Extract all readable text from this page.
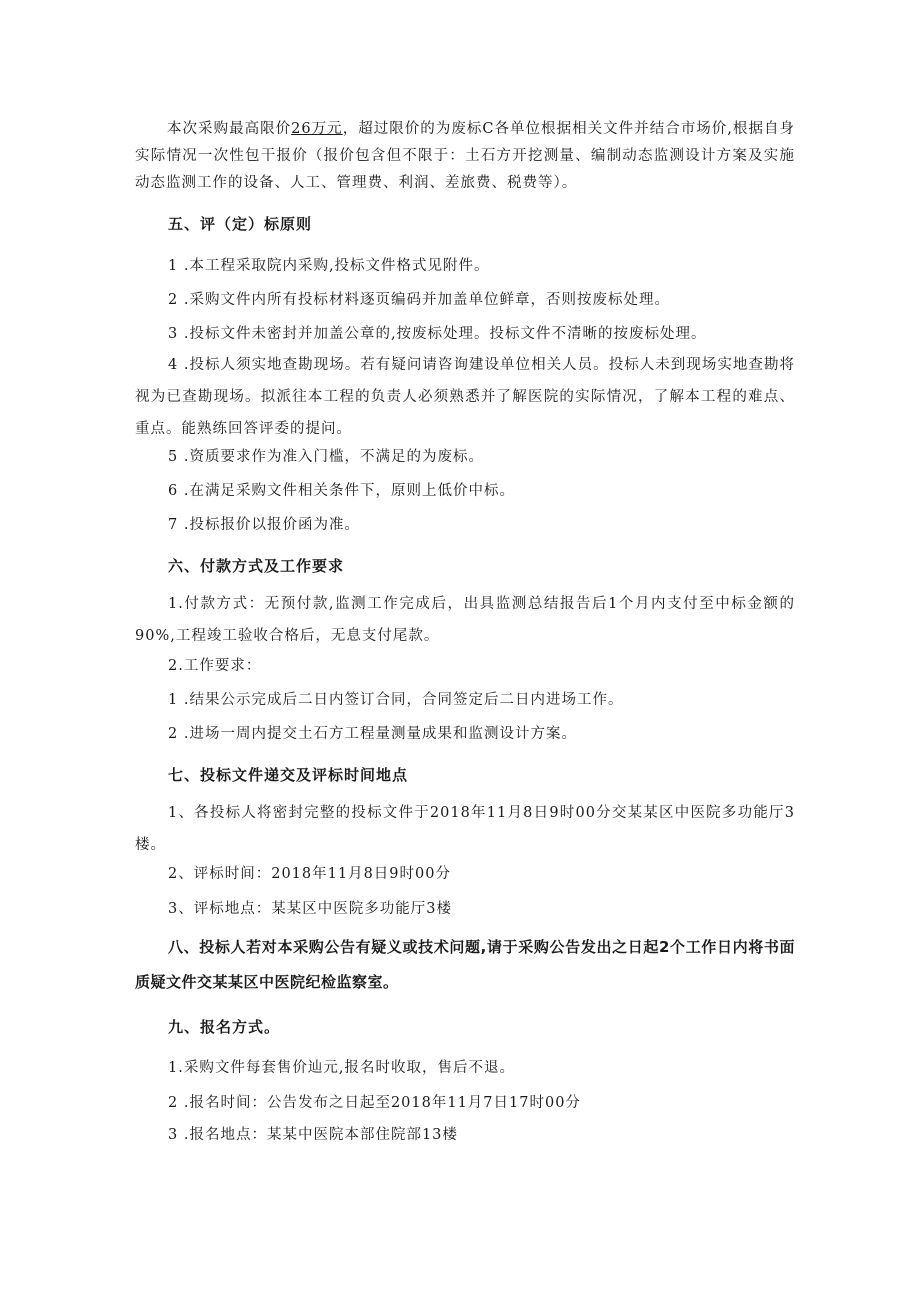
本次采购最高限价26万元，超过限价的为废标C各单位根据相关文件并结合市场价,根据自身实际情况一次性包干报价（报价包含但不限于：土石方开挖测量、编制动态监测设计方案及实施动态监测工作的设备、人工、管理费、利润、差旅费、税费等）。
五、评（定）标原则
1 .本工程采取院内采购,投标文件格式见附件。
2 .采购文件内所有投标材料逐页编码并加盖单位鲜章，否则按废标处理。
3 .投标文件未密封并加盖公章的,按废标处理。投标文件不清晰的按废标处理。
4 .投标人须实地查勘现场。若有疑问请咨询建设单位相关人员。投标人未到现场实地查勘将视为已查勘现场。拟派往本工程的负责人必须熟悉并了解医院的实际情况，了解本工程的难点、重点。能熟练回答评委的提问。
5 .资质要求作为准入门槛，不满足的为废标。
6 .在满足采购文件相关条件下，原则上低价中标。
7 .投标报价以报价函为准。
六、付款方式及工作要求
1.付款方式：无预付款,监测工作完成后，出具监测总结报告后1个月内支付至中标金额的90%,工程竣工验收合格后，无息支付尾款。
2.工作要求：
1 .结果公示完成后二日内签订合同，合同签定后二日内进场工作。
2 .进场一周内提交土石方工程量测量成果和监测设计方案。
七、投标文件递交及评标时间地点
1、各投标人将密封完整的投标文件于2018年11月8日9时00分交某某区中医院多功能厅3楼。
2、评标时间：2018年11月8日9时00分
3、评标地点：某某区中医院多功能厅3楼
八、投标人若对本采购公告有疑义或技术问题,请于采购公告发出之日起2个工作日内将书面质疑文件交某某区中医院纪检监察室。
九、报名方式。
1.采购文件每套售价辿元,报名时收取，售后不退。
2 .报名时间：公告发布之日起至2018年11月7日17时00分
3 .报名地点：某某中医院本部住院部13楼
